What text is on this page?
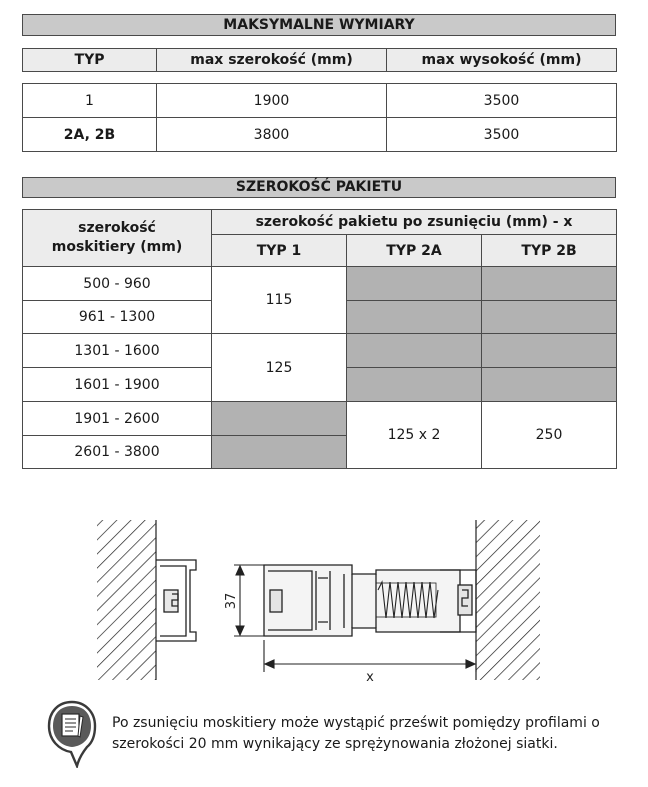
MAKSYMALNE WYMIARY
TYP	max szerokość (mm)	max wysokość (mm)
1	1900	3500
2A, 2B	3800	3500
SZEROKOŚĆ PAKIETU
szerokość moskitiery (mm)	szerokość pakietu po zsunięciu (mm) - x		
	TYP 1	TYP 2A	TYP 2B
500 - 960	115		
961 - 1300			
1301 - 1600	125		
1601 - 1900			
1901 - 2600		125 x 2	250
2601 - 3800			
37
x
Po zsunięciu moskitiery może wystąpić prześwit pomiędzy profilami o szerokości 20 mm wynikający ze sprężynowania złożonej siatki.
